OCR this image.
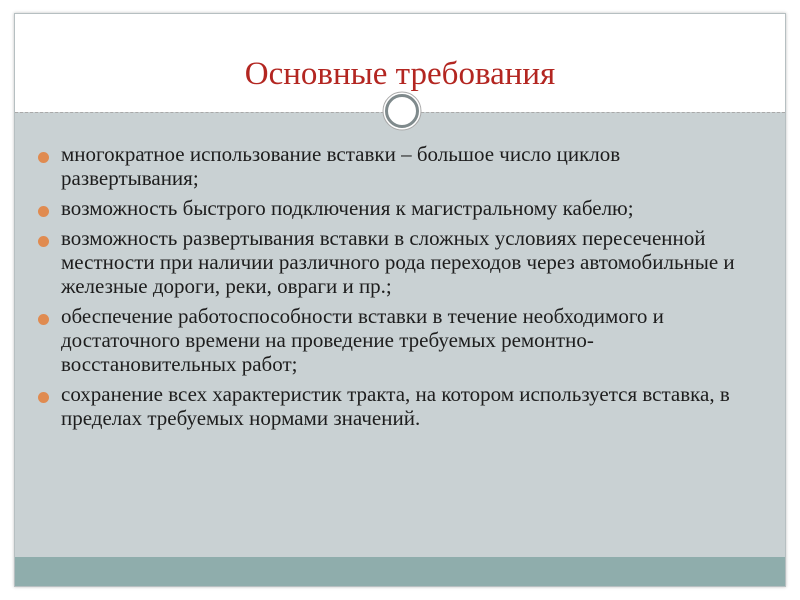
Основные требования
многократное использование вставки – большое число циклов развертывания;
возможность быстрого подключения к магистральному кабелю;
возможность развертывания вставки в сложных условиях пересеченной местности при наличии различного рода переходов через автомобильные и железные дороги, реки, овраги и пр.;
обеспечение работоспособности вставки в течение необходимого и достаточного времени на проведение требуемых ремонтно-восстановительных работ;
сохранение всех характеристик тракта, на котором используется вставка, в пределах требуемых нормами значений.
